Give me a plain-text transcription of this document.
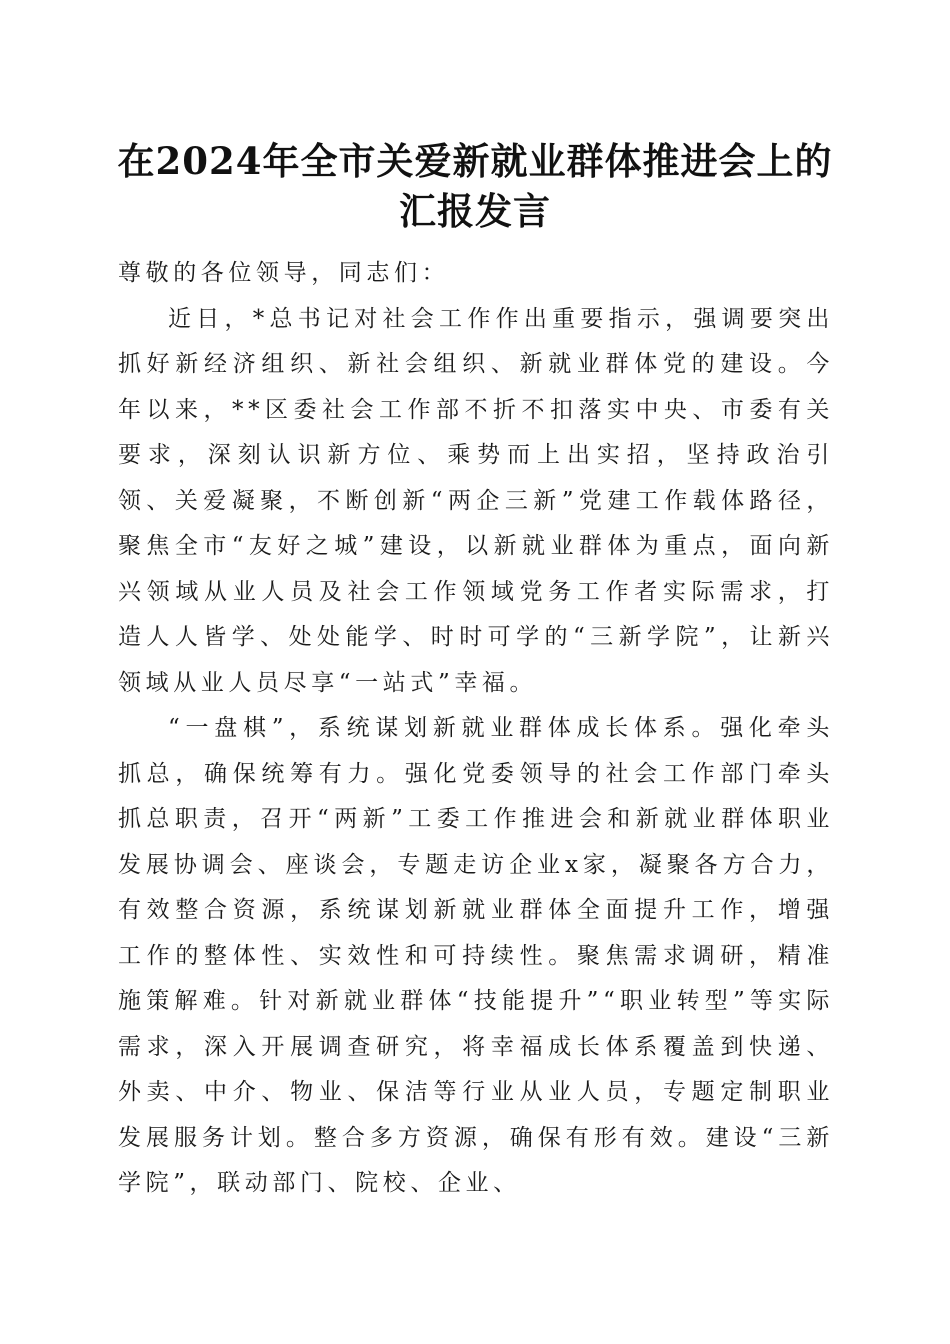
在2024年全市关爱新就业群体推进会上的汇报发言

尊敬的各位领导，同志们：

近日，*总书记对社会工作作出重要指示，强调要突出抓好新经济组织、新社会组织、新就业群体党的建设。今年以来，**区委社会工作部不折不扣落实中央、市委有关要求，深刻认识新方位、乘势而上出实招，坚持政治引领、关爱凝聚，不断创新“两企三新”党建工作载体路径，聚焦全市“友好之城”建设，以新就业群体为重点，面向新兴领域从业人员及社会工作领域党务工作者实际需求，打造人人皆学、处处能学、时时可学的“三新学院”，让新兴领域从业人员尽享“一站式”幸福。

“一盘棋”，系统谋划新就业群体成长体系。强化牵头抓总，确保统筹有力。强化党委领导的社会工作部门牵头抓总职责，召开“两新”工委工作推进会和新就业群体职业发展协调会、座谈会，专题走访企业x家，凝聚各方合力，有效整合资源，系统谋划新就业群体全面提升工作，增强工作的整体性、实效性和可持续性。聚焦需求调研，精准施策解难。针对新就业群体“技能提升”“职业转型”等实际需求，深入开展调查研究，将幸福成长体系覆盖到快递、外卖、中介、物业、保洁等行业从业人员，专题定制职业发展服务计划。整合多方资源，确保有形有效。建设“三新学院”，联动部门、院校、企业、
